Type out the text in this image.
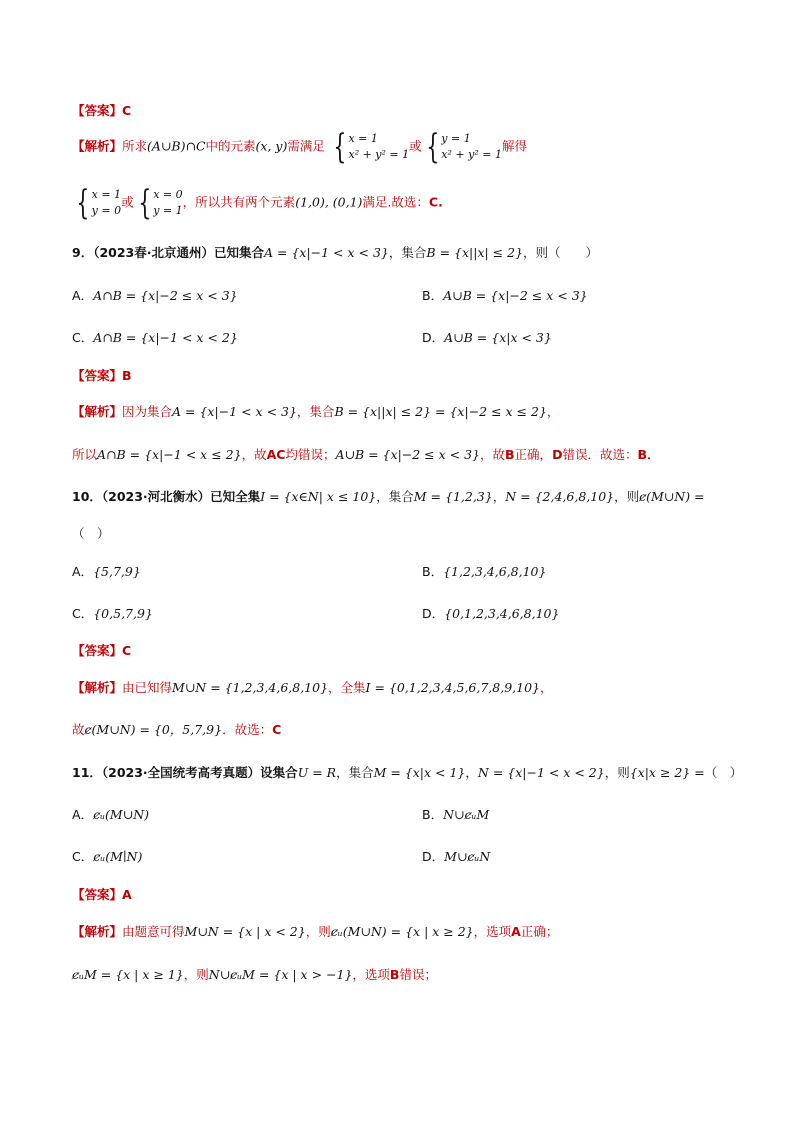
【答案】C
【解析】所求(A∪B)∩C中的元素(x, y)需满足 { x = 1
x² + y² = 1
或 { y = 1
x² + y² = 1
解得
{ x = 1
y = 0
或 { x = 0
y = 1
，所以共有两个元素(1,0), (0,1)满足.故选：C.
9．（2023春·北京通州）已知集合A = {x|−1 < x < 3}，集合B = {x||x| ≤ 2}，则（　　）
A．A∩B = {x|−2 ≤ x < 3}	B．A∪B = {x|−2 ≤ x < 3}
C．A∩B = {x|−1 < x < 2}	D．A∪B = {x|x < 3}
【答案】B
【解析】因为集合A = {x|−1 < x < 3}，集合B = {x||x| ≤ 2} = {x|−2 ≤ x ≤ 2}，
所以A∩B = {x|−1 < x ≤ 2}，故AC均错误；A∪B = {x|−2 ≤ x < 3}，故B正确，D错误．故选：B．
10．（2023·河北衡水）已知全集I = {x∈N| x ≤ 10}，集合M = {1,2,3}，N = {2,4,6,8,10}，则ȼ(M∪N) =
（　）
A．{5,7,9}	B．{1,2,3,4,6,8,10}
C．{0,5,7,9}	D．{0,1,2,3,4,6,8,10}
【答案】C
【解析】由已知得M∪N = {1,2,3,4,6,8,10}，全集I = {0,1,2,3,4,5,6,7,8,9,10}，
故ȼ(M∪N) = {0，5,7,9}．故选：C
11．（2023·全国统考高考真题）设集合U = R，集合M = {x|x < 1}，N = {x|−1 < x < 2}，则{x|x ≥ 2} =（　）
A．ȼᵤ(M∪N)	B．N∪ȼᵤM
C．ȼᵤ(M∣N)	D．M∪ȼᵤN
【答案】A
【解析】由题意可得M∪N = {x | x < 2}，则ȼᵤ(M∪N) = {x | x ≥ 2}，选项A正确；
ȼᵤM = {x | x ≥ 1}，则N∪ȼᵤM = {x | x > −1}，选项B错误；
